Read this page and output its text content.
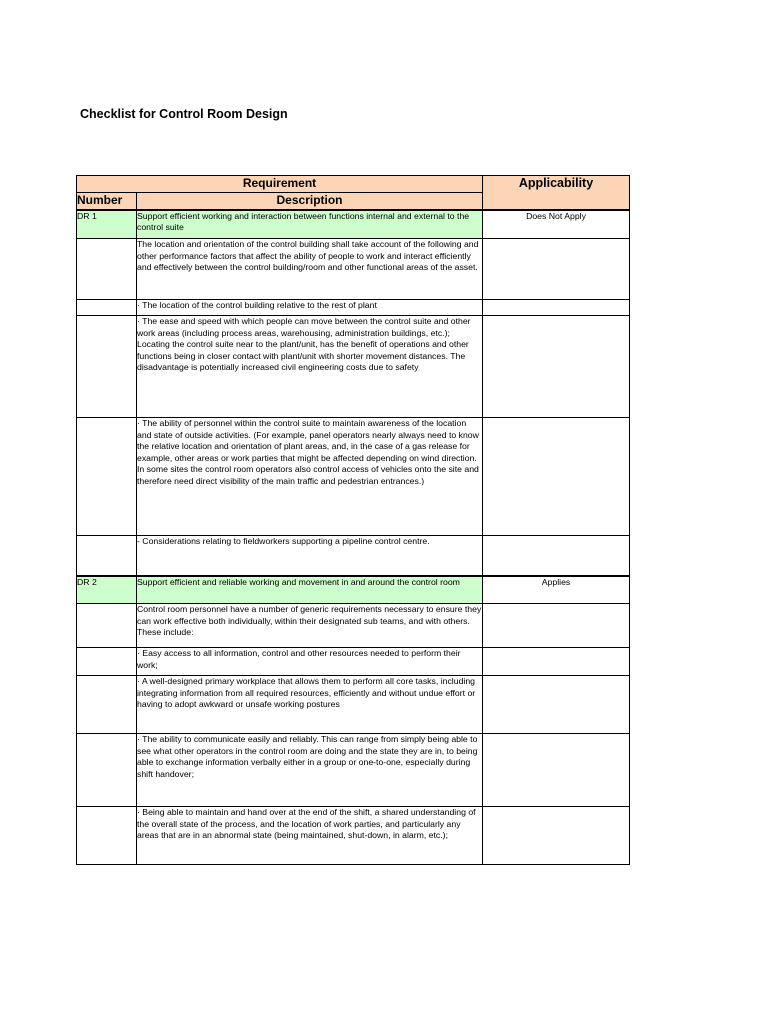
Checklist for Control Room Design
Requirement		Applicability
Number	Description	
DR 1	Support efficient working and interaction between functions internal and external to the control suite	Does Not Apply
	The location and orientation of the control building shall take account of the following and other performance factors that affect the ability of people to work and interact efficiently and effectively between the control building/room and other functional areas of the asset.	
	· The location of the control building relative to the rest of plant	
	· The ease and speed with which people can move between the control suite and other work areas (including process areas, warehousing, administration buildings, etc.); Locating the control suite near to the plant/unit, has the benefit of operations and other functions being in closer contact with plant/unit with shorter movement distances. The disadvantage is potentially increased civil engineering costs due to safety	
	· The ability of personnel within the control suite to maintain awareness of the location and state of outside activities. (For example, panel operators nearly always need to know the relative location and orientation of plant areas, and, in the case of a gas release for example, other areas or work parties that might be affected depending on wind direction. In some sites the control room operators also control access of vehicles onto the site and therefore need direct visibility of the main traffic and pedestrian entrances.)	
	- Considerations relating to fieldworkers supporting a pipeline control centre.	
DR 2	Support efficient and reliable working and movement in and around the control room	Applies
	Control room personnel have a number of generic requirements necessary to ensure they can work effective both individually, within their designated sub teams, and with others. These include:	
	· Easy access to all information, control and other resources needed to perform their work;	
	· A well-designed primary workplace that allows them to perform all core tasks, including integrating information from all required resources, efficiently and without undue effort or having to adopt awkward or unsafe working postures	
	· The ability to communicate easily and reliably. This can range from simply being able to see what other operators in the control room are doing and the state they are in, to being able to exchange information verbally either in a group or one-to-one, especially during shift handover;	
	· Being able to maintain and hand over at the end of the shift, a shared understanding of the overall state of the process, and the location of work parties, and particularly any areas that are in an abnormal state (being maintained, shut-down, in alarm, etc.);	
